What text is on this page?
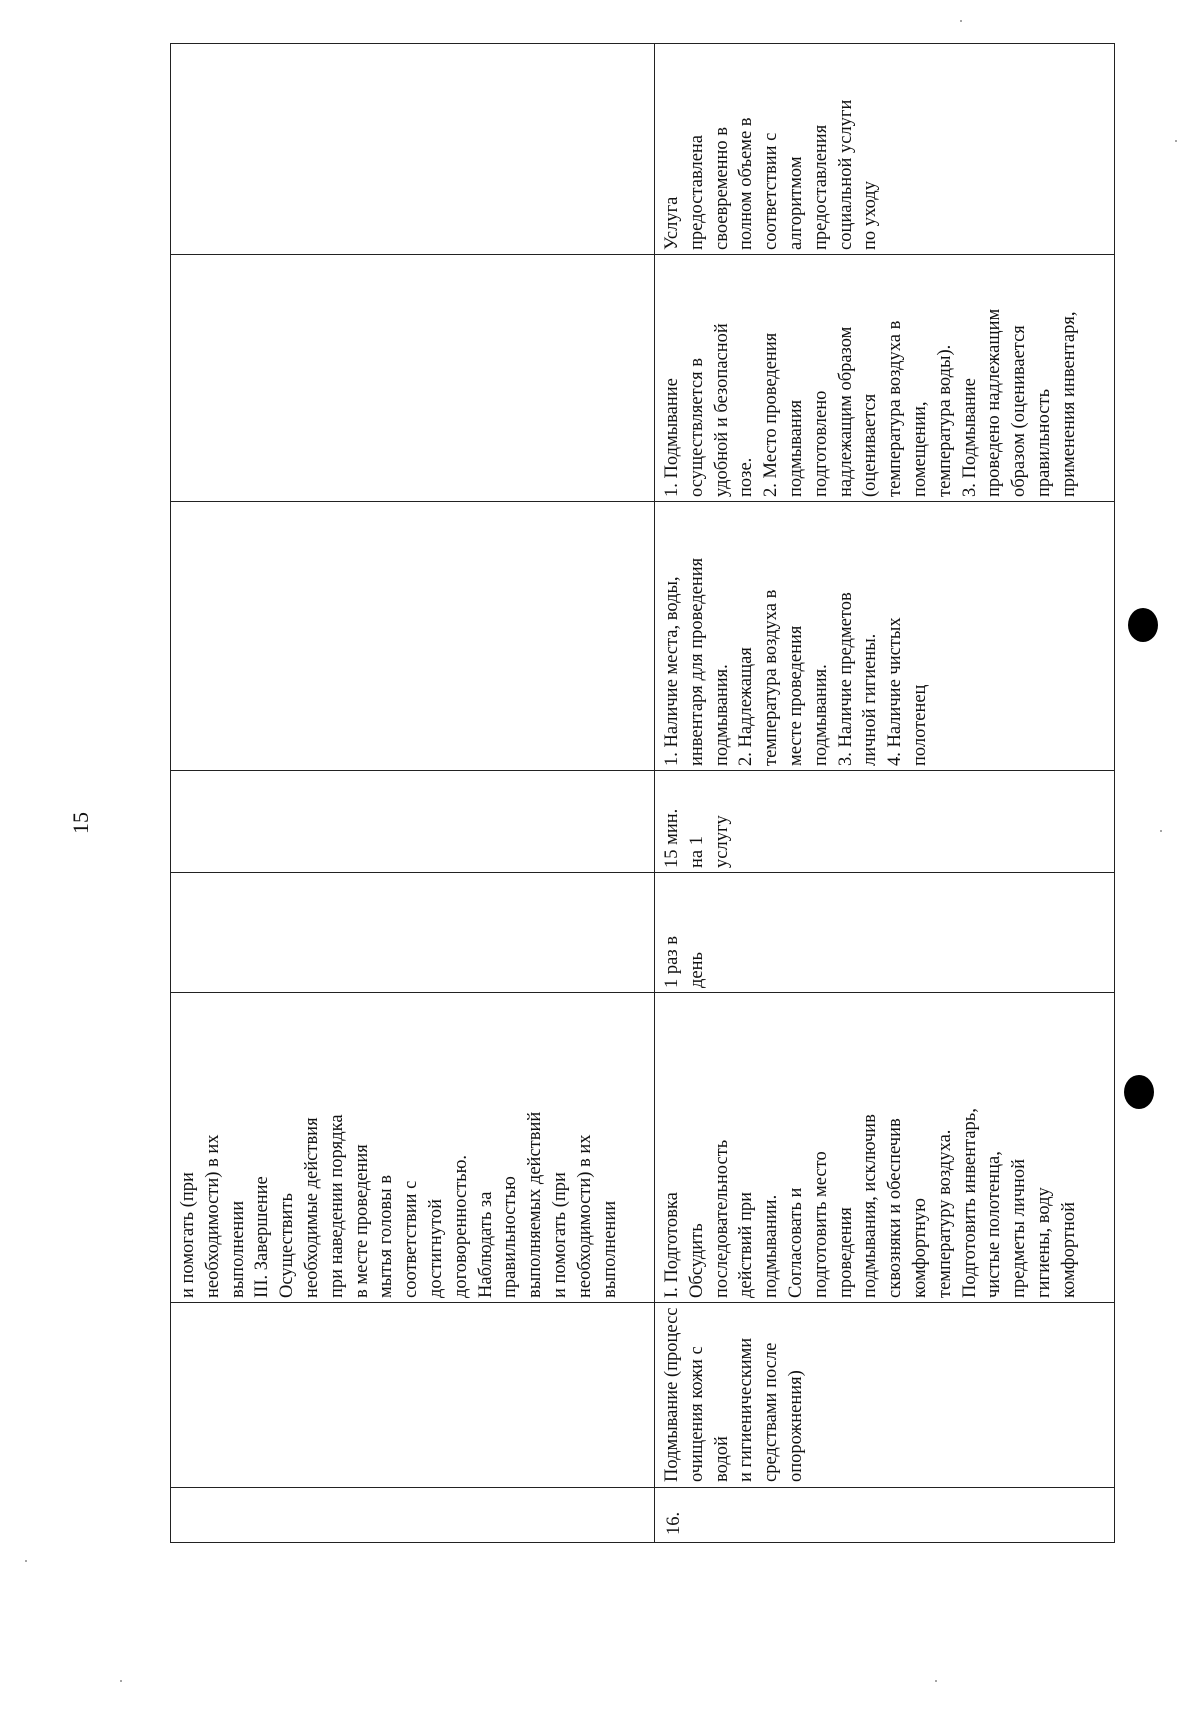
15
и помогать (при
необходимости) в их
выполнении
III. Завершение
Осуществить
необходимые действия
при наведении порядка
в месте проведения
мытья головы в
соответствии с
достигнутой
договоренностью.
Наблюдать за
правильностью
выполняемых действий
и помогать (при
необходимости) в их
выполнении
16.
Подмывание (процесс
очищения кожи с водой
и гигиеническими
средствами после
опорожнения)
I. Подготовка
Обсудить
последовательность
действий при
подмывании.
Согласовать и
подготовить место
проведения
подмывания, исключив
сквозняки и обеспечив
комфортную
температуру воздуха.
Подготовить инвентарь,
чистые полотенца,
предметы личной
гигиены, воду
комфортной
1 раз в
день
15 мин.
на 1
услугу
1. Наличие места, воды,
инвентаря для проведения
подмывания.
2. Надлежащая
температура воздуха в
месте проведения
подмывания.
3. Наличие предметов
личной гигиены.
4. Наличие чистых
полотенец
1. Подмывание
осуществляется в
удобной и безопасной
позе.
2. Место проведения
подмывания
подготовлено
надлежащим образом
(оценивается
температура воздуха в
помещении,
температура воды).
3. Подмывание
проведено надлежащим
образом (оценивается
правильность
применения инвентаря,
Услуга
предоставлена
своевременно в
полном объеме в
соответствии с
алгоритмом
предоставления
социальной услуги
по уходу
